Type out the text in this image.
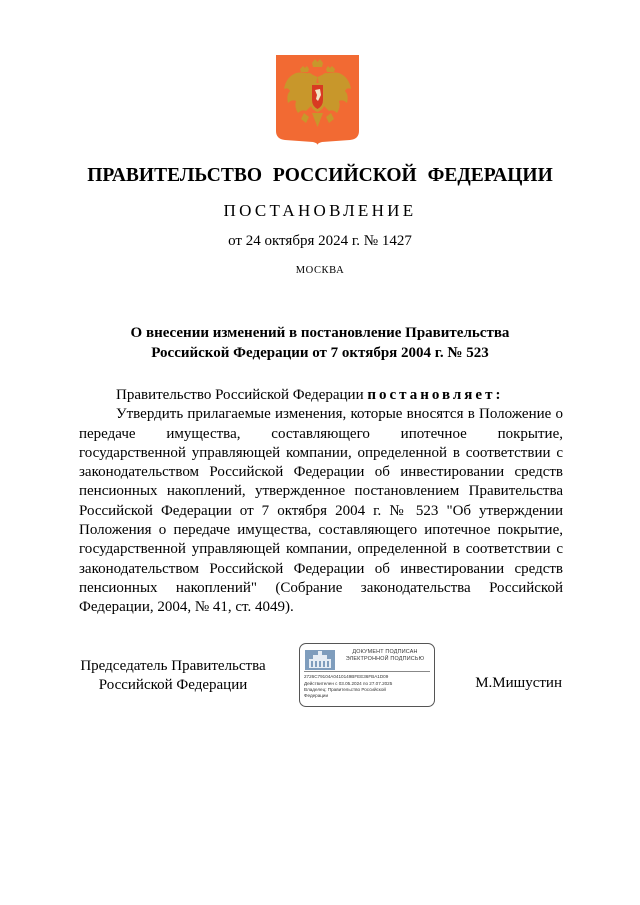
ПРАВИТЕЛЬСТВО РОССИЙСКОЙ ФЕДЕРАЦИИ
ПОСТАНОВЛЕНИЕ
от 24 октября 2024 г. № 1427
МОСКВА
О внесении изменений в постановление Правительства
Российской Федерации от 7 октября 2004 г. № 523

Правительство Российской Федерации постановляет:

Утвердить прилагаемые изменения, которые вносятся в Положение о передаче имущества, составляющего ипотечное покрытие, государственной управляющей компании, определенной в соответствии с законодательством Российской Федерации об инвестировании средств пенсионных накоплений, утвержденное постановлением Правительства Российской Федерации от 7 октября 2004 г. № 523 "Об утверждении Положения о передаче имущества, составляющего ипотечное покрытие, государственной управляющей компании, определенной в соответствии с законодательством Российской Федерации об инвестировании средств пенсионных накоплений" (Собрание законодательства Российской Федерации, 2004, № 41, ст. 4049).

Председатель Правительства
Российской Федерации
ДОКУМЕНТ ПОДПИСАН
ЭЛЕКТРОННОЙ ПОДПИСЬЮ
2726C79104A0410149BFEE36FBA1D09
Действителен с 03.05.2024 по 27.07.2025
Владелец: Правительство Российской
Федерации
М.Мишустин
